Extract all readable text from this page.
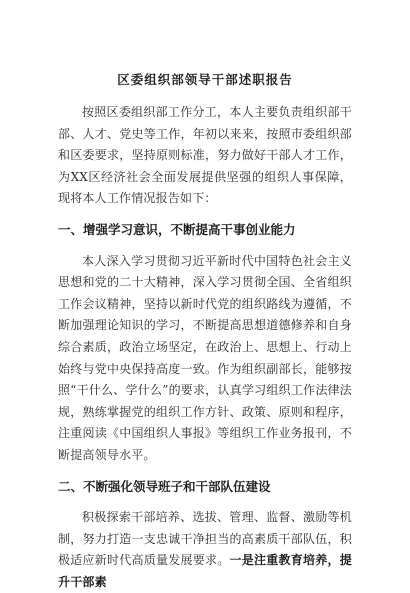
区委组织部领导干部述职报告

按照区委组织部工作分工，本人主要负责组织部干部、人才、党史等工作，年初以来来，按照市委组织部和区委要求，坚持原则标准，努力做好干部人才工作，为XX区经济社会全面发展提供坚强的组织人事保障，现将本人工作情况报告如下：

一、增强学习意识，不断提高干事创业能力

本人深入学习贯彻习近平新时代中国特色社会主义思想和党的二十大精神，深入学习贯彻全国、全省组织工作会议精神，坚持以新时代党的组织路线为遵循，不断加强理论知识的学习，不断提高思想道德修养和自身综合素质，政治立场坚定，在政治上、思想上、行动上始终与党中央保持高度一致。作为组织副部长，能够按照“干什么、学什么”的要求，认真学习组织工作法律法规，熟练掌握党的组织工作方针、政策、原则和程序，注重阅读《中国组织人事报》等组织工作业务报刊，不断提高领导水平。

二、不断强化领导班子和干部队伍建设

积极探索干部培养、选拔、管理、监督、激励等机制，努力打造一支忠诚干净担当的高素质干部队伍，积极适应新时代高质量发展要求。一是注重教育培养，提升干部素
